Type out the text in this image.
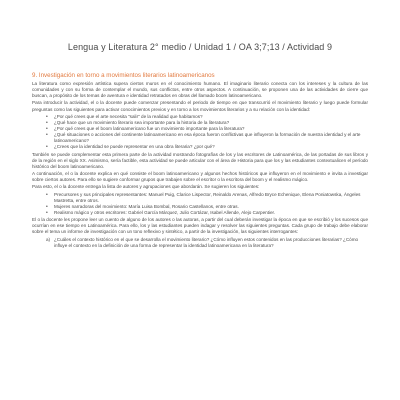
Lengua y Literatura 2° medio / Unidad 1 / OA 3;7;13 / Actividad 9
9. Investigación en torno a movimientos literarios latinoamericanos

La literatura como expresión artística supera ciertos muros en el conocimiento humano. El imaginario literario conecta con los intereses y la cultura de las comunidades y con su forma de contemplar el mundo, sus conflictos, entre otros aspectos. A continuación, se proponen una de las actividades de cierre que buscan, a propósito de los temas de aventura e identidad retratados en obras del llamado boom latinoamericano.

Para introducir la actividad, el o la docente puede comenzar presentando el periodo de tiempo en que transcurrió el movimiento literario y luego puede formular preguntas como las siguientes para activar conocimientos previos y en torno a los movimientos literarios y a su relación con la identidad:

• ¿Por qué crees que el arte necesita "salir" de la realidad que habitamos?
• ¿Qué hace que un movimiento literario sea importante para la historia de la literatura?
• ¿Por qué crees que el boom latinoamericano fue un movimiento importante para la literatura?
• ¿Qué situaciones o acciones del continente latinoamericano en esa época fueron conflictivas que influyeron la formación de nuestra identidad y el arte latinoamericano?
• ¿Crees que la identidad se puede representar en una obra literaria? ¿por qué?

También se puede complementar esta primera parte de la actividad mostrando fotografías de los y las escritores de Latinoamérica, de las portadas de sus libros y de la región en el siglo XX. Asimismo, sería factible, esta actividad se puede articular con el área de Historia para que los y las estudiantes contextualicen el período histórico del boom latinoamericano.

A continuación, el o la docente explica en qué consiste el boom latinoamericano y algunos hechos históricos que influyeron en el movimiento e invita a investigar sobre ciertos autores. Para ello se sugiere conformar grupos que trabajen sobre el escritor o la escritora del boom y el realismo mágico.

Para esto, el o la docente entrega la lista de autores y agrupaciones que abordarán. Se sugieren los siguientes:

• Precursores y sus principales representantes: Manuel Puig, Clarice Lispector, Reinaldo Arenas, Alfredo Bryce Echenique, Elena Poniatowska, Ángeles Mastretta, entre otros.
• Mujeres narradoras del movimiento: María Luisa Bombal, Rosario Castellanos, entre otras.
• Realismo mágico y otros escritores: Gabriel García Márquez, Julio Cortázar, Isabel Allende, Alejo Carpentier.

El o la docente les propone leer un cuento de alguno de los autores o las autoras, a partir del cual deberán investigar la época en que se escribió y los sucesos que ocurrían en ese tiempo en Latinoamérica. Para ello, los y las estudiantes pueden indagar y resolver las siguientes preguntas. Cada grupo de trabajo debe elaborar sobre el tema un informe de investigación con un tono reflexivo y sintético, a partir de la investigación, las siguientes interrogantes:

a) ¿Cuáles el contexto histórico en el que se desarrolla el movimiento literario? ¿Cómo influyen estos contenidos en las producciones literarias? ¿Cómo influye el contexto en la definición de una forma de representar la identidad latinoamericana en la literatura?
